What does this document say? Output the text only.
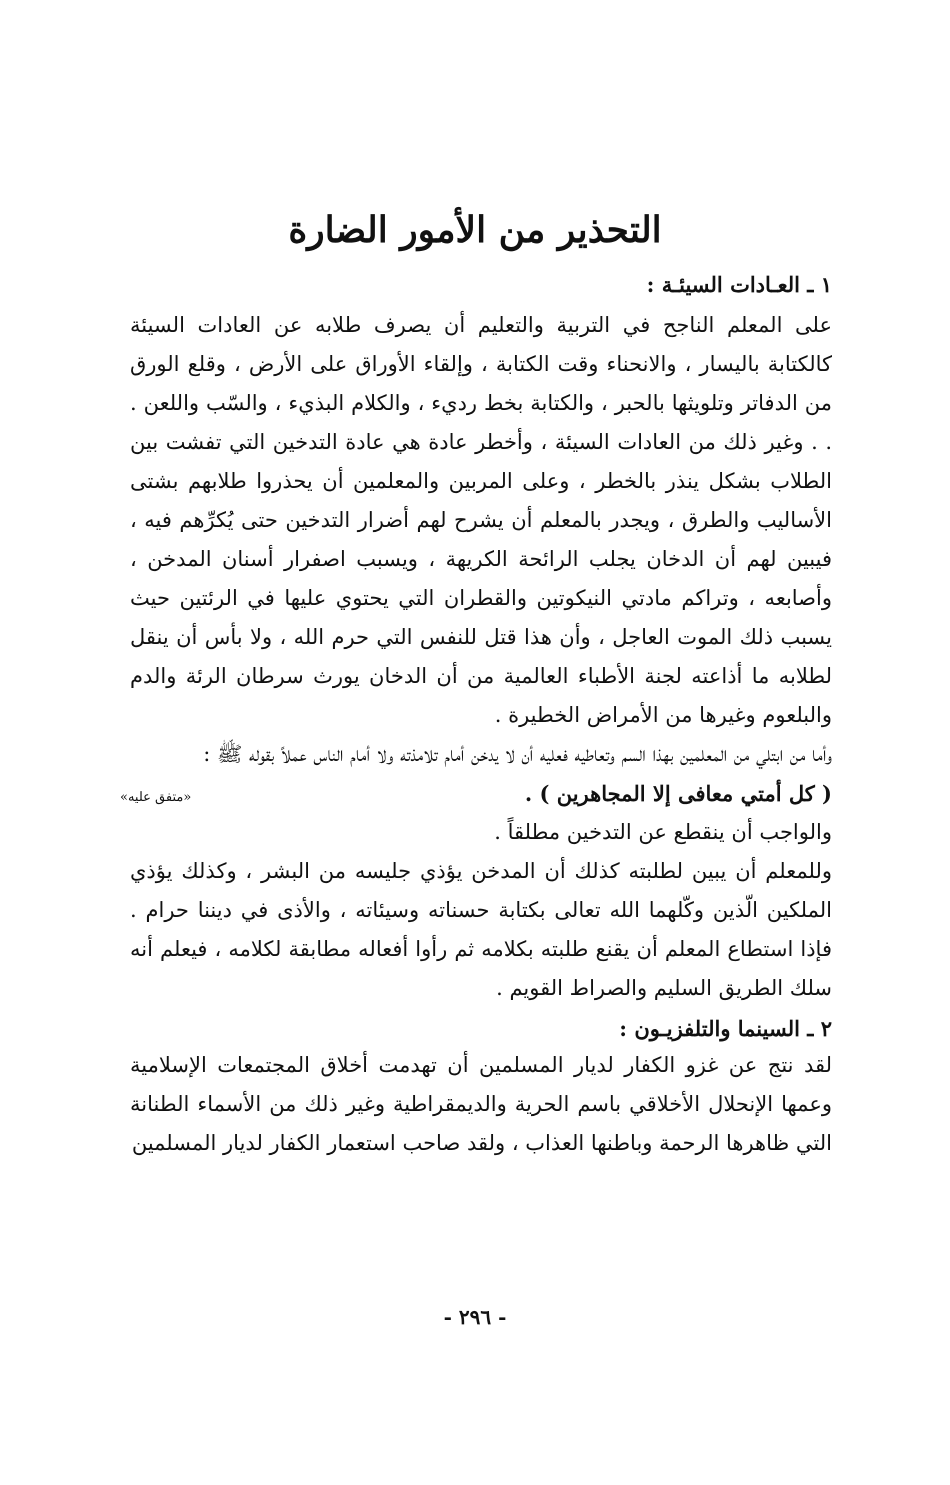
التحذير من الأمور الضارة
١ ـ العـادات السيئـة :

على المعلم الناجح في التربية والتعليم أن يصرف طلابه عن العادات السيئة كالكتابة باليسار ، والانحناء وقت الكتابة ، وإلقاء الأوراق على الأرض ، وقلع الورق من الدفاتر وتلويثها بالحبر ، والكتابة بخط رديء ، والكلام البذيء ، والسّب واللعن . . . وغير ذلك من العادات السيئة ، وأخطر عادة هي عادة التدخين التي تفشت بين الطلاب بشكل ينذر بالخطر ، وعلى المربين والمعلمين أن يحذروا طلابهم بشتى الأساليب والطرق ، ويجدر بالمعلم أن يشرح لهم أضرار التدخين حتى يُكرِّهم فيه ، فيبين لهم أن الدخان يجلب الرائحة الكريهة ، ويسبب اصفرار أسنان المدخن ، وأصابعه ، وتراكم مادتي النيكوتين والقطران التي يحتوي عليها في الرئتين حيث يسبب ذلك الموت العاجل ، وأن هذا قتل للنفس التي حرم الله ، ولا بأس أن ينقل لطلابه ما أذاعته لجنة الأطباء العالمية من أن الدخان يورث سرطان الرئة والدم والبلعوم وغيرها من الأمراض الخطيرة .

وأما من ابتلي من المعلمين بهذا السم وتعاطيه فعليه أن لا يدخن أمام تلامذته ولا أمام الناس عملاً بقوله ﷺ :

( كل أمتي معافى إلا المجاهرين ) .
«متفق عليه»
والواجب أن ينقطع عن التدخين مطلقاً .

وللمعلم أن يبين لطلبته كذلك أن المدخن يؤذي جليسه من البشر ، وكذلك يؤذي الملكين الّذين وكّلهما الله تعالى بكتابة حسناته وسيئاته ، والأذى في ديننا حرام . فإذا استطاع المعلم أن يقنع طلبته بكلامه ثم رأوا أفعاله مطابقة لكلامه ، فيعلم أنه سلك الطريق السليم والصراط القويم .

٢ ـ السينما والتلفزيـون :

لقد نتج عن غزو الكفار لديار المسلمين أن تهدمت أخلاق المجتمعات الإسلامية وعمها الإنحلال الأخلاقي باسم الحرية والديمقراطية وغير ذلك من الأسماء الطنانة التي ظاهرها الرحمة وباطنها العذاب ، ولقد صاحب استعمار الكفار لديار المسلمين

- ٢٩٦ -
